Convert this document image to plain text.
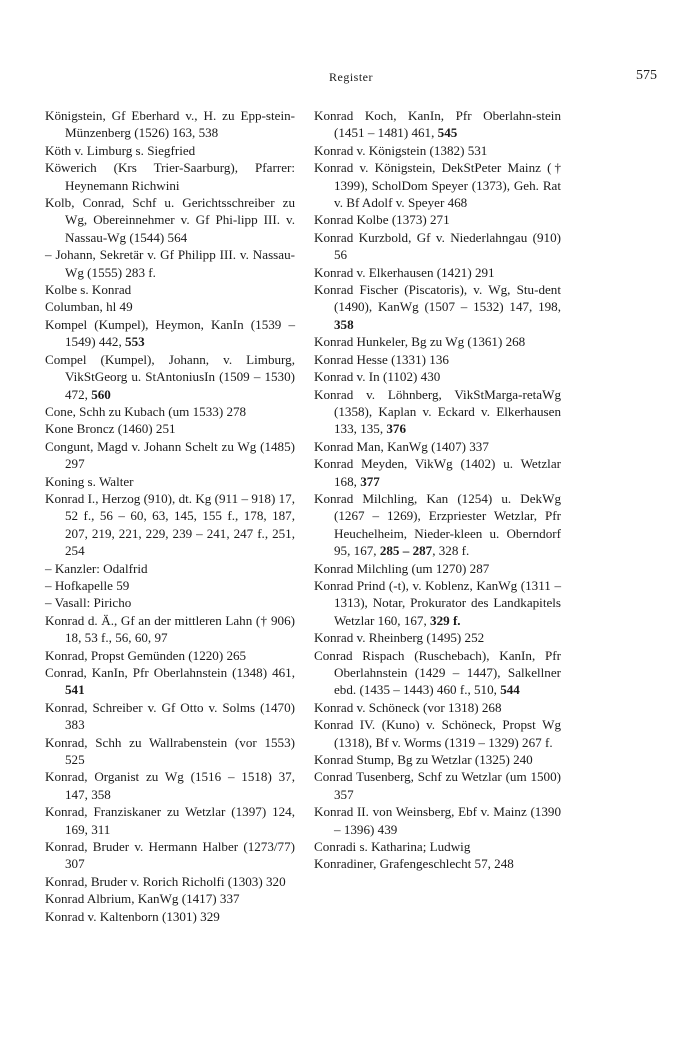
Register	575

Königstein, Gf Eberhard v., H. zu Epp-stein-Münzenberg (1526) 163, 538

Köth v. Limburg s. Siegfried

Köwerich (Krs Trier-Saarburg), Pfarrer: Heynemann Richwini

Kolb, Conrad, Schf u. Gerichtsschreiber zu Wg, Obereinnehmer v. Gf Phi-lipp III. v. Nassau-Wg (1544) 564

– Johann, Sekretär v. Gf Philipp III. v. Nassau-Wg (1555) 283 f.

Kolbe s. Konrad

Columban, hl 49

Kompel (Kumpel), Heymon, KanIn (1539 – 1549) 442, 553

Compel (Kumpel), Johann, v. Limburg, VikStGeorg u. StAntoniusIn (1509 – 1530) 472, 560

Cone, Schh zu Kubach (um 1533) 278

Kone Broncz (1460) 251

Congunt, Magd v. Johann Schelt zu Wg (1485) 297

Koning s. Walter

Konrad I., Herzog (910), dt. Kg (911 – 918) 17, 52 f., 56 – 60, 63, 145, 155 f., 178, 187, 207, 219, 221, 229, 239 – 241, 247 f., 251, 254

– Kanzler: Odalfrid

– Hofkapelle 59

– Vasall: Piricho

Konrad d. Ä., Gf an der mittleren Lahn († 906) 18, 53 f., 56, 60, 97

Konrad, Propst Gemünden (1220) 265

Conrad, KanIn, Pfr Oberlahnstein (1348) 461, 541

Konrad, Schreiber v. Gf Otto v. Solms (1470) 383

Konrad, Schh zu Wallrabenstein (vor 1553) 525

Konrad, Organist zu Wg (1516 – 1518) 37, 147, 358

Konrad, Franziskaner zu Wetzlar (1397) 124, 169, 311

Konrad, Bruder v. Hermann Halber (1273/77) 307

Konrad, Bruder v. Rorich Richolfi (1303) 320

Konrad Albrium, KanWg (1417) 337

Konrad v. Kaltenborn (1301) 329

Konrad Koch, KanIn, Pfr Oberlahn-stein (1451 – 1481) 461, 545

Konrad v. Königstein (1382) 531

Konrad v. Königstein, DekStPeter Mainz († 1399), ScholDom Speyer (1373), Geh. Rat v. Bf Adolf v. Speyer 468

Konrad Kolbe (1373) 271

Konrad Kurzbold, Gf v. Niederlahngau (910) 56

Konrad v. Elkerhausen (1421) 291

Konrad Fischer (Piscatoris), v. Wg, Stu-dent (1490), KanWg (1507 – 1532) 147, 198, 358

Konrad Hunkeler, Bg zu Wg (1361) 268

Konrad Hesse (1331) 136

Konrad v. In (1102) 430

Konrad v. Löhnberg, VikStMarga-retaWg (1358), Kaplan v. Eckard v. Elkerhausen 133, 135, 376

Konrad Man, KanWg (1407) 337

Konrad Meyden, VikWg (1402) u. Wetzlar 168, 377

Konrad Milchling, Kan (1254) u. DekWg (1267 – 1269), Erzpriester Wetzlar, Pfr Heuchelheim, Nieder-kleen u. Oberndorf 95, 167, 285 – 287, 328 f.

Konrad Milchling (um 1270) 287

Konrad Prind (-t), v. Koblenz, KanWg (1311 – 1313), Notar, Prokurator des Landkapitels Wetzlar 160, 167, 329 f.

Konrad v. Rheinberg (1495) 252

Conrad Rispach (Ruschebach), KanIn, Pfr Oberlahnstein (1429 – 1447), Salkellner ebd. (1435 – 1443) 460 f., 510, 544

Konrad v. Schöneck (vor 1318) 268

Konrad IV. (Kuno) v. Schöneck, Propst Wg (1318), Bf v. Worms (1319 – 1329) 267 f.

Konrad Stump, Bg zu Wetzlar (1325) 240

Conrad Tusenberg, Schf zu Wetzlar (um 1500) 357

Konrad II. von Weinsberg, Ebf v. Mainz (1390 – 1396) 439

Conradi s. Katharina; Ludwig

Konradiner, Grafengeschlecht 57, 248
